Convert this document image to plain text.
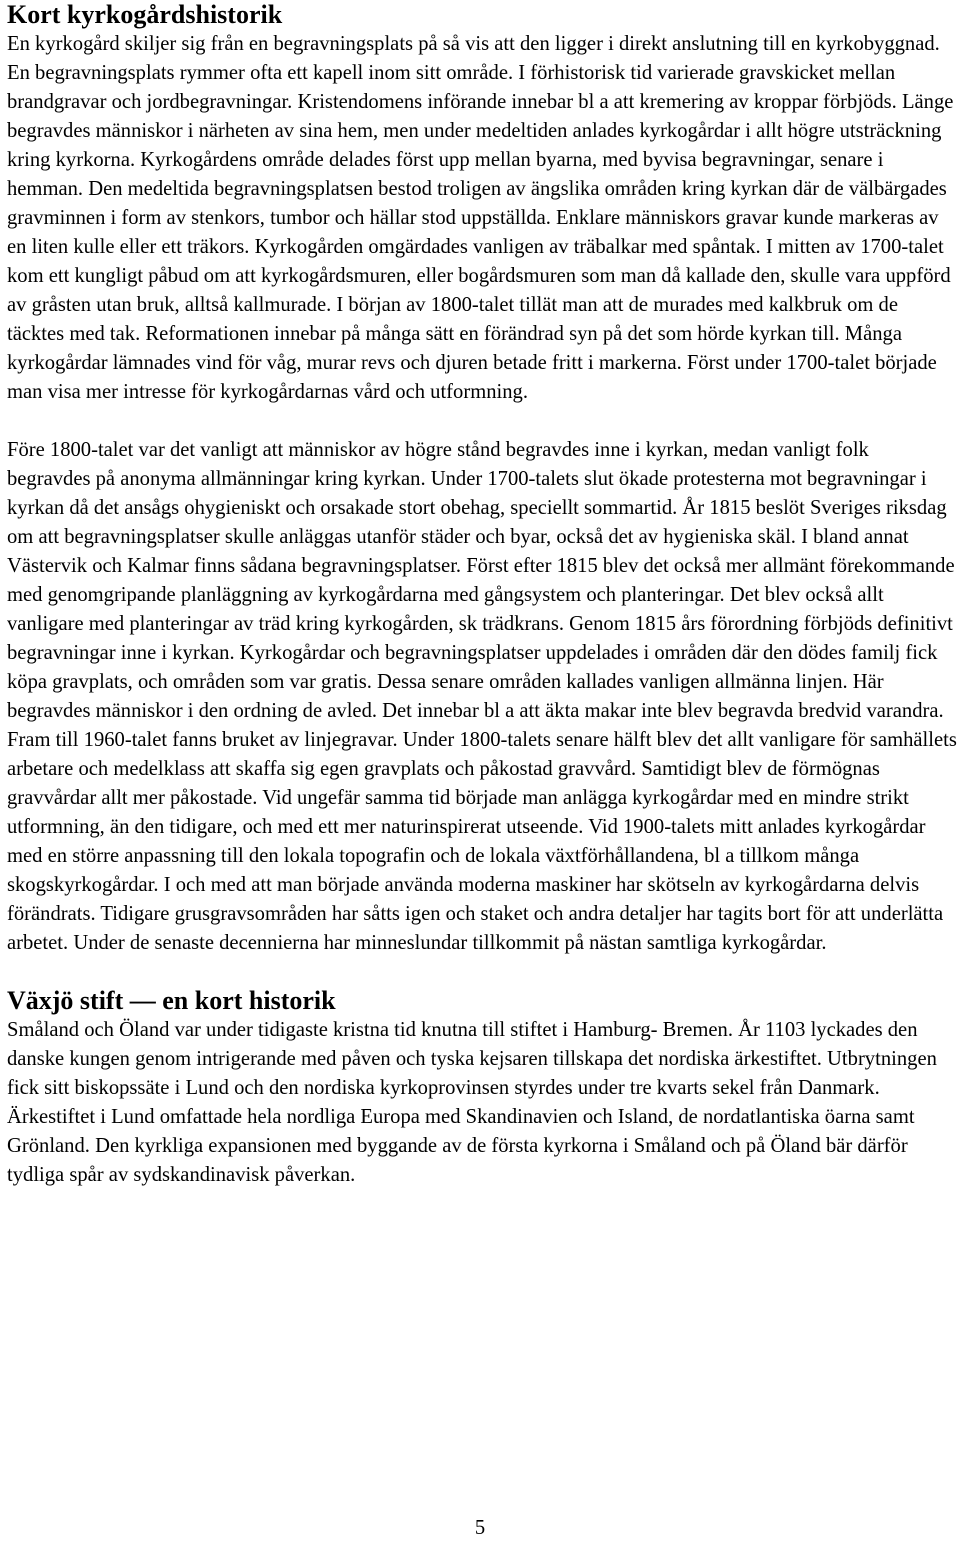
Kort kyrkogårdshistorik

En kyrkogård skiljer sig från en begravningsplats på så vis att den ligger i direkt anslutning till en kyrkobyggnad. En begravningsplats rymmer ofta ett kapell inom sitt område. I förhistorisk tid varierade gravskicket mellan brandgravar och jordbegravningar. Kristendomens införande innebar bl a att kremering av kroppar förbjöds. Länge begravdes människor i närheten av sina hem, men under medeltiden anlades kyrkogårdar i allt högre utsträckning kring kyrkorna. Kyrkogårdens område delades först upp mellan byarna, med byvisa begravningar, senare i hemman. Den medeltida begravningsplatsen bestod troligen av ängslika områden kring kyrkan där de välbärgades gravminnen i form av stenkors, tumbor och hällar stod uppställda. Enklare människors gravar kunde markeras av en liten kulle eller ett träkors. Kyrkogården omgärdades vanligen av träbalkar med spåntak. I mitten av 1700-talet kom ett kungligt påbud om att kyrkogårdsmuren, eller bogårdsmuren som man då kallade den, skulle vara uppförd av gråsten utan bruk, alltså kallmurade. I början av 1800-talet tillät man att de murades med kalkbruk om de täcktes med tak. Reformationen innebar på många sätt en förändrad syn på det som hörde kyrkan till. Många kyrkogårdar lämnades vind för våg, murar revs och djuren betade fritt i markerna. Först under 1700-talet började man visa mer intresse för kyrkogårdarnas vård och utformning.

Före 1800-talet var det vanligt att människor av högre stånd begravdes inne i kyrkan, medan vanligt folk begravdes på anonyma allmänningar kring kyrkan. Under 1700-talets slut ökade protesterna mot begravningar i kyrkan då det ansågs ohygieniskt och orsakade stort obehag, speciellt sommartid. År 1815 beslöt Sveriges riksdag om att begravningsplatser skulle anläggas utanför städer och byar, också det av hygieniska skäl. I bland annat Västervik och Kalmar finns sådana begravningsplatser. Först efter 1815 blev det också mer allmänt förekommande med genomgripande planläggning av kyrkogårdarna med gångsystem och planteringar. Det blev också allt vanligare med planteringar av träd kring kyrkogården, sk trädkrans. Genom 1815 års förordning förbjöds definitivt begravningar inne i kyrkan. Kyrkogårdar och begravningsplatser uppdelades i områden där den dödes familj fick köpa gravplats, och områden som var gratis. Dessa senare områden kallades vanligen allmänna linjen. Här begravdes människor i den ordning de avled. Det innebar bl a att äkta makar inte blev begravda bredvid varandra. Fram till 1960-talet fanns bruket av linjegravar. Under 1800-talets senare hälft blev det allt vanligare för samhällets arbetare och medelklass att skaffa sig egen gravplats och påkostad gravvård. Samtidigt blev de förmögnas gravvårdar allt mer påkostade. Vid ungefär samma tid började man anlägga kyrkogårdar med en mindre strikt utformning, än den tidigare, och med ett mer naturinspirerat utseende. Vid 1900-talets mitt anlades kyrkogårdar med en större anpassning till den lokala topografin och de lokala växtförhållandena, bl a tillkom många skogskyrkogårdar. I och med att man började använda moderna maskiner har skötseln av kyrkogårdarna delvis förändrats. Tidigare grusgravsområden har såtts igen och staket och andra detaljer har tagits bort för att underlätta arbetet. Under de senaste decennierna har minneslundar tillkommit på nästan samtliga kyrkogårdar.

Växjö stift — en kort historik

Småland och Öland var under tidigaste kristna tid knutna till stiftet i Hamburg- Bremen. År 1103 lyckades den danske kungen genom intrigerande med påven och tyska kejsaren tillskapa det nordiska ärkestiftet. Utbrytningen fick sitt biskopssäte i Lund och den nordiska kyrkoprovinsen styrdes under tre kvarts sekel från Danmark. Ärkestiftet i Lund omfattade hela nordliga Europa med Skandinavien och Island, de nordatlantiska öarna samt Grönland. Den kyrkliga expansionen med byggande av de första kyrkorna i Småland och på Öland bär därför tydliga spår av sydskandinavisk påverkan.

5
